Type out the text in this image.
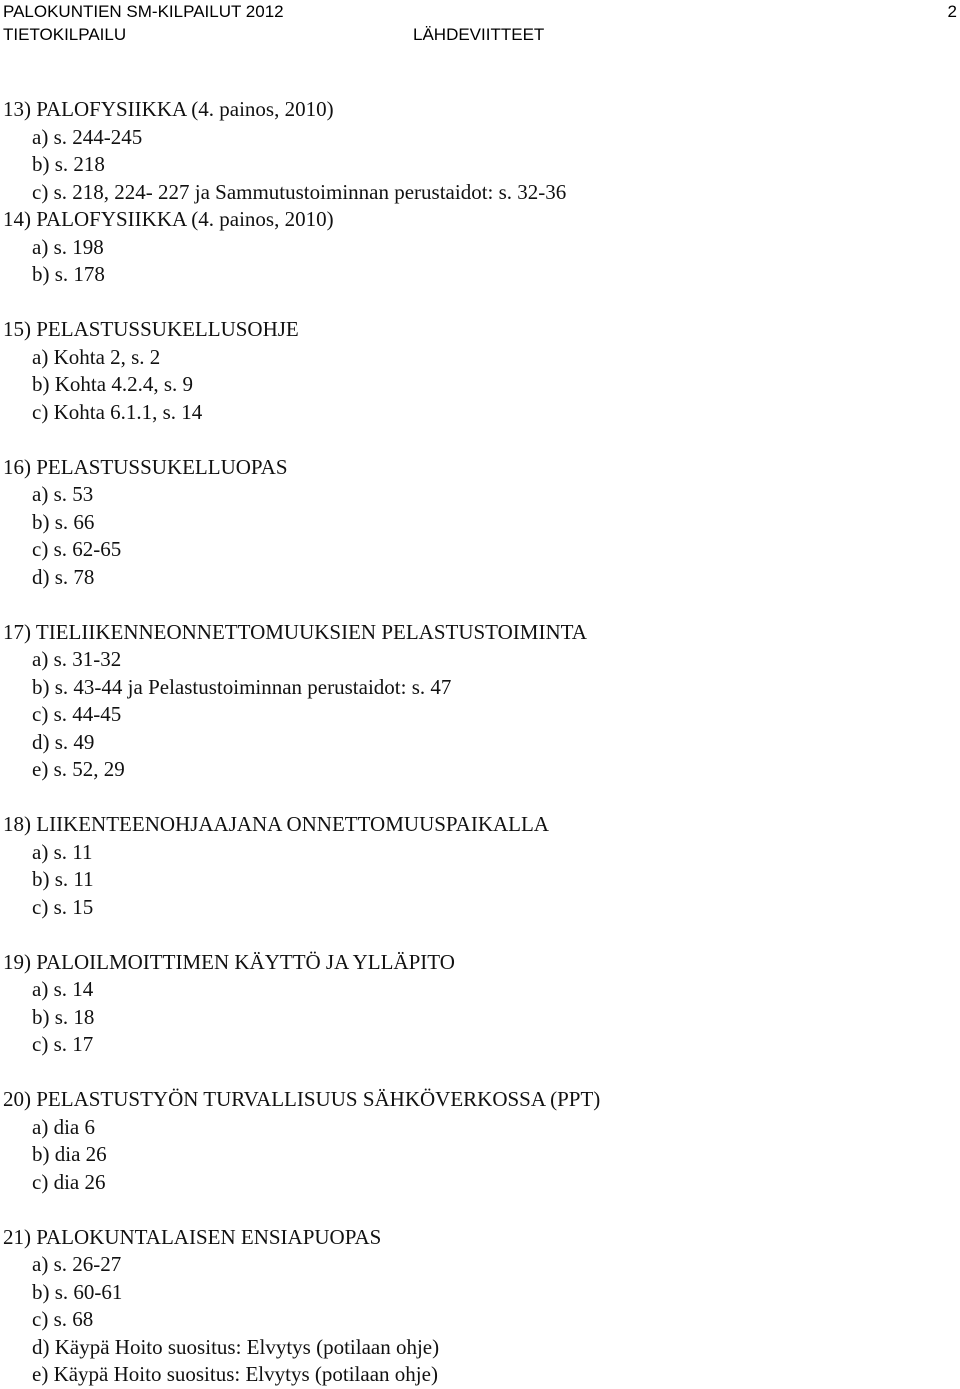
PALOKUNTIEN SM-KILPAILUT 2012	2
TIETOKILPAILU	LÄHDEVIITTEET
13) PALOFYSIIKKA (4. painos, 2010)
a) s. 244-245
b) s. 218
c) s. 218, 224- 227 ja Sammutustoiminnan perustaidot: s. 32-36
14) PALOFYSIIKKA (4. painos, 2010)
a) s. 198
b) s. 178
15) PELASTUSSUKELLUSOHJE
a) Kohta 2, s. 2
b) Kohta 4.2.4, s. 9
c) Kohta 6.1.1, s. 14
16) PELASTUSSUKELLUOPAS
a) s. 53
b) s. 66
c) s. 62-65
d) s. 78
17) TIELIIKENNEONNETTOMUUKSIEN PELASTUSTOIMINTA
a) s. 31-32
b) s. 43-44 ja Pelastustoiminnan perustaidot: s. 47
c) s. 44-45
d) s. 49
e) s. 52, 29
18) LIIKENTEENOHJAAJANA ONNETTOMUUSPAIKALLA
a) s. 11
b) s. 11
c) s. 15
19) PALOILMOITTIMEN KÄYTTÖ JA YLLÄPITO
a) s. 14
b) s. 18
c) s. 17
20) PELASTUSTYÖN TURVALLISUUS SÄHKÖVERKOSSA (PPT)
a) dia 6
b) dia 26
c) dia 26
21) PALOKUNTALAISEN ENSIAPUOPAS
a) s. 26-27
b) s. 60-61
c) s. 68
d) Käypä Hoito suositus: Elvytys (potilaan ohje)
e) Käypä Hoito suositus: Elvytys (potilaan ohje)
